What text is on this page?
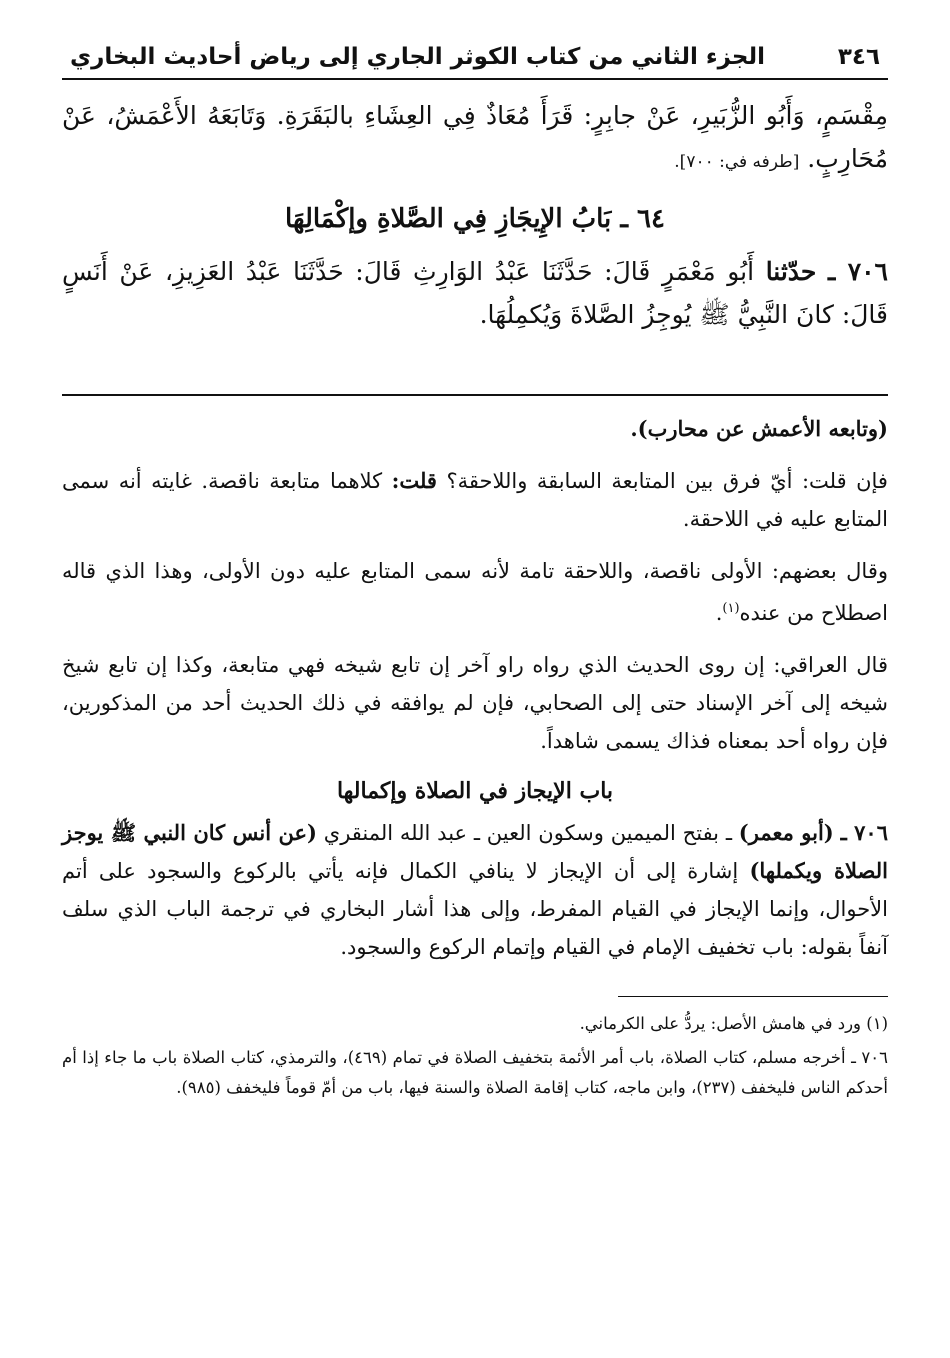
٣٤٦
الجزء الثاني من كتاب الكوثر الجاري إلى رياض أحاديث البخاري

مِقْسَمٍ، وَأَبُو الزُّبَيرِ، عَنْ جابِرٍ: قَرَأَ مُعَاذٌ فِي العِشَاءِ بالبَقَرَةِ. وَتَابَعَهُ الأَعْمَشُ، عَنْ مُحَارِبٍ. [طرفه في: ٧٠٠].

٦٤ ـ بَابُ الإِيجَازِ فِي الصَّلاةِ وإكْمَالِهَا

٧٠٦ ـ حدّثنا أَبُو مَعْمَرٍ قَالَ: حَدَّثَنَا عَبْدُ الوَارِثِ قَالَ: حَدَّثَنَا عَبْدُ العَزِيزِ، عَنْ أَنَسٍ قَالَ: كانَ النَّبِيُّ ﷺ يُوجِزُ الصَّلاةَ وَيُكمِلُهَا.

(وتابعه الأعمش عن محارب).

فإن قلت: أيّ فرق بين المتابعة السابقة واللاحقة؟ قلت: كلاهما متابعة ناقصة. غايته أنه سمى المتابع عليه في اللاحقة.

وقال بعضهم: الأولى ناقصة، واللاحقة تامة لأنه سمى المتابع عليه دون الأولى، وهذا الذي قاله اصطلاح من عنده$^{(١)}$.

قال العراقي: إن روى الحديث الذي رواه راو آخر إن تابع شيخه فهي متابعة، وكذا إن تابع شيخ شيخه إلى آخر الإسناد حتى إلى الصحابي، فإن لم يوافقه في ذلك الحديث أحد من المذكورين، فإن رواه أحد بمعناه فذاك يسمى شاهداً.

باب الإيجاز في الصلاة وإكمالها

٧٠٦ ـ (أبو معمر) ـ بفتح الميمين وسكون العين ـ عبد الله المنقري (عن أنس كان النبي ﷺ يوجز الصلاة ويكملها) إشارة إلى أن الإيجاز لا ينافي الكمال فإنه يأتي بالركوع والسجود على أتم الأحوال، وإنما الإيجاز في القيام المفرط، وإلى هذا أشار البخاري في ترجمة الباب الذي سلف آنفاً بقوله: باب تخفيف الإمام في القيام وإتمام الركوع والسجود.

(١) ورد في هامش الأصل: يردُّ على الكرماني.

٧٠٦ ـ أخرجه مسلم، كتاب الصلاة، باب أمر الأئمة بتخفيف الصلاة في تمام (٤٦٩)، والترمذي، كتاب الصلاة باب ما جاء إذا أم أحدكم الناس فليخفف (٢٣٧)، وابن ماجه، كتاب إقامة الصلاة والسنة فيها، باب من أمّ قوماً فليخفف (٩٨٥).
